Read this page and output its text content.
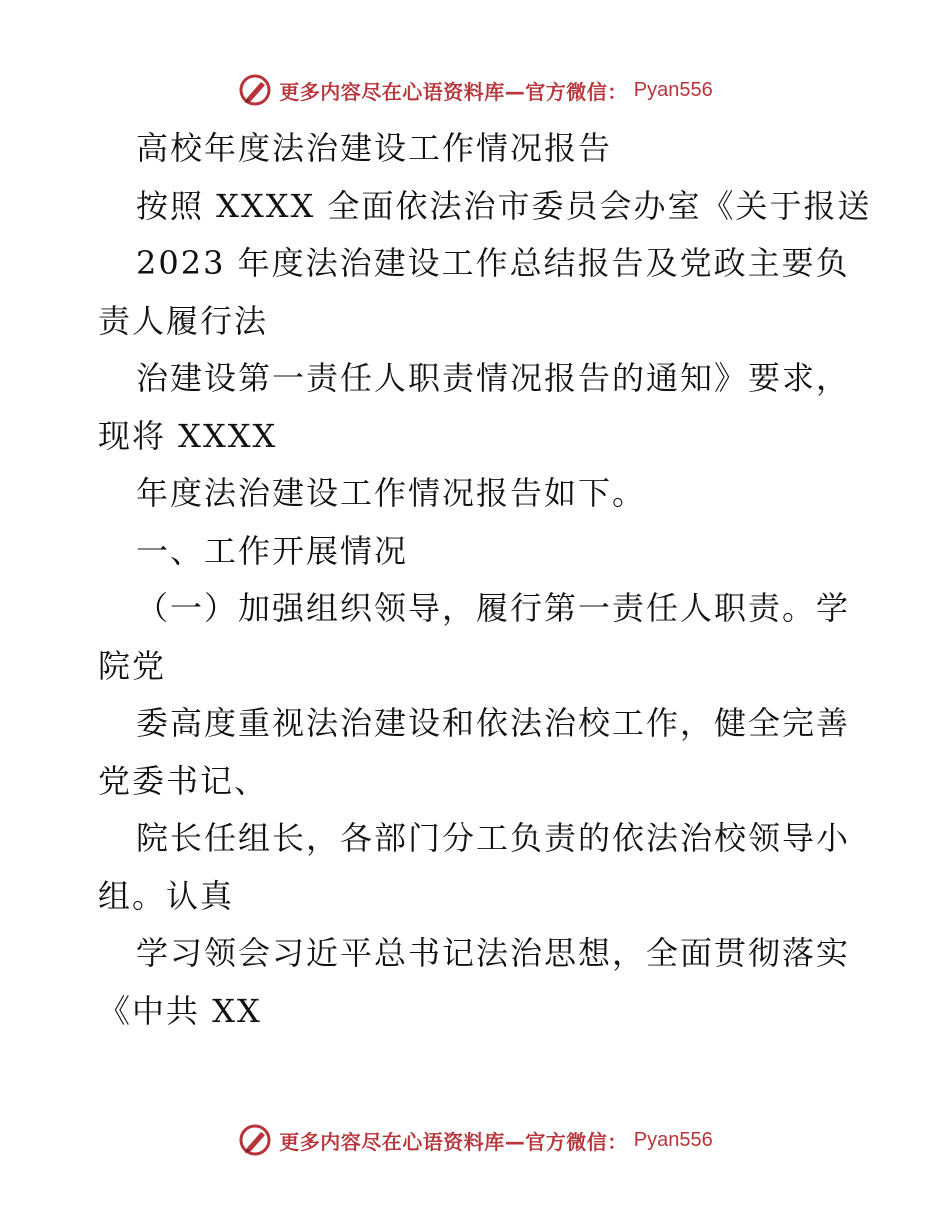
更多内容尽在心语资料库—官方微信： Pyan556
高校年度法治建设工作情况报告
按照 XXXX 全面依法治市委员会办室《关于报送
2023 年度法治建设工作总结报告及党政主要负
责人履行法
治建设第一责任人职责情况报告的通知》要求，
现将 XXXX
年度法治建设工作情况报告如下。
一、工作开展情况
（一）加强组织领导，履行第一责任人职责。学
院党
委高度重视法治建设和依法治校工作，健全完善
党委书记、
院长任组长，各部门分工负责的依法治校领导小
组。认真
学习领会习近平总书记法治思想，全面贯彻落实
《中共 XX
更多内容尽在心语资料库—官方微信： Pyan556
